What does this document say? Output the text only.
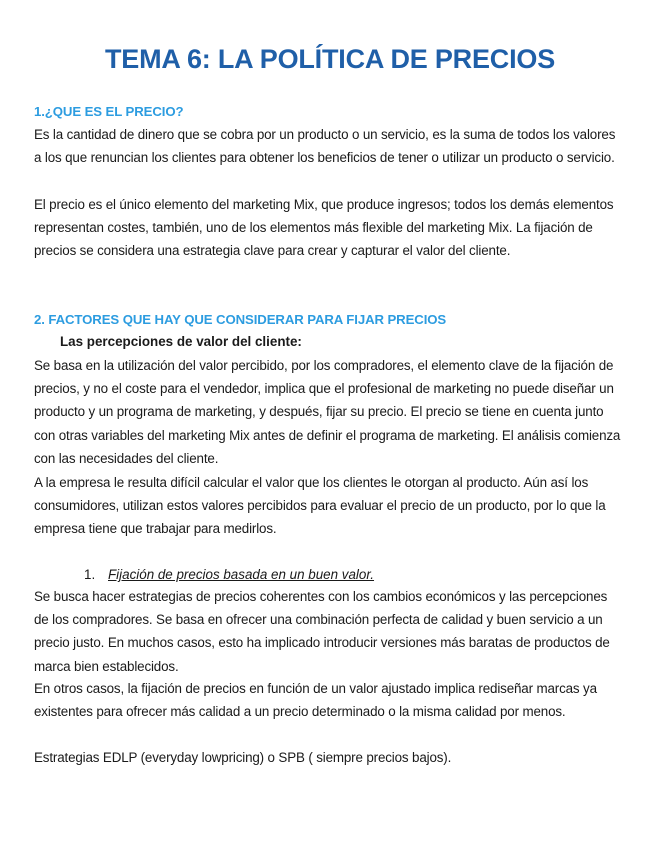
TEMA 6: LA POLÍTICA DE PRECIOS
1.¿QUE ES EL PRECIO?

Es la cantidad de dinero que se cobra por un producto o un servicio, es la suma de todos los valores a los que renuncian los clientes para obtener los beneficios de tener o utilizar un producto o servicio.

El precio es el único elemento del marketing Mix, que produce ingresos; todos los demás elementos representan costes, también, uno de los elementos más flexible del marketing Mix. La fijación de precios se considera una estrategia clave para crear y capturar el valor del cliente.

2. FACTORES QUE HAY QUE CONSIDERAR PARA FIJAR PRECIOS
Las percepciones de valor del cliente:

Se basa en la utilización del valor percibido, por los compradores, el elemento clave de la fijación de precios, y no el coste para el vendedor, implica que el profesional de marketing no puede diseñar un producto y un programa de marketing, y después, fijar su precio. El precio se tiene en cuenta junto con otras variables del marketing Mix antes de definir el programa de marketing. El análisis comienza con las necesidades del cliente.

A la empresa le resulta difícil calcular el valor que los clientes le otorgan al producto. Aún así los consumidores, utilizan estos valores percibidos para evaluar el precio de un producto, por lo que la empresa tiene que trabajar para medirlos.

1. Fijación de precios basada en un buen valor.

Se busca hacer estrategias de precios coherentes con los cambios económicos y las percepciones de los compradores. Se basa en ofrecer una combinación perfecta de calidad y buen servicio a un precio justo. En muchos casos, esto ha implicado introducir versiones más baratas de productos de marca bien establecidos.

En otros casos, la fijación de precios en función de un valor ajustado implica rediseñar marcas ya existentes para ofrecer más calidad a un precio determinado o la misma calidad por menos.

Estrategias EDLP (everyday lowpricing) o SPB ( siempre precios bajos).
